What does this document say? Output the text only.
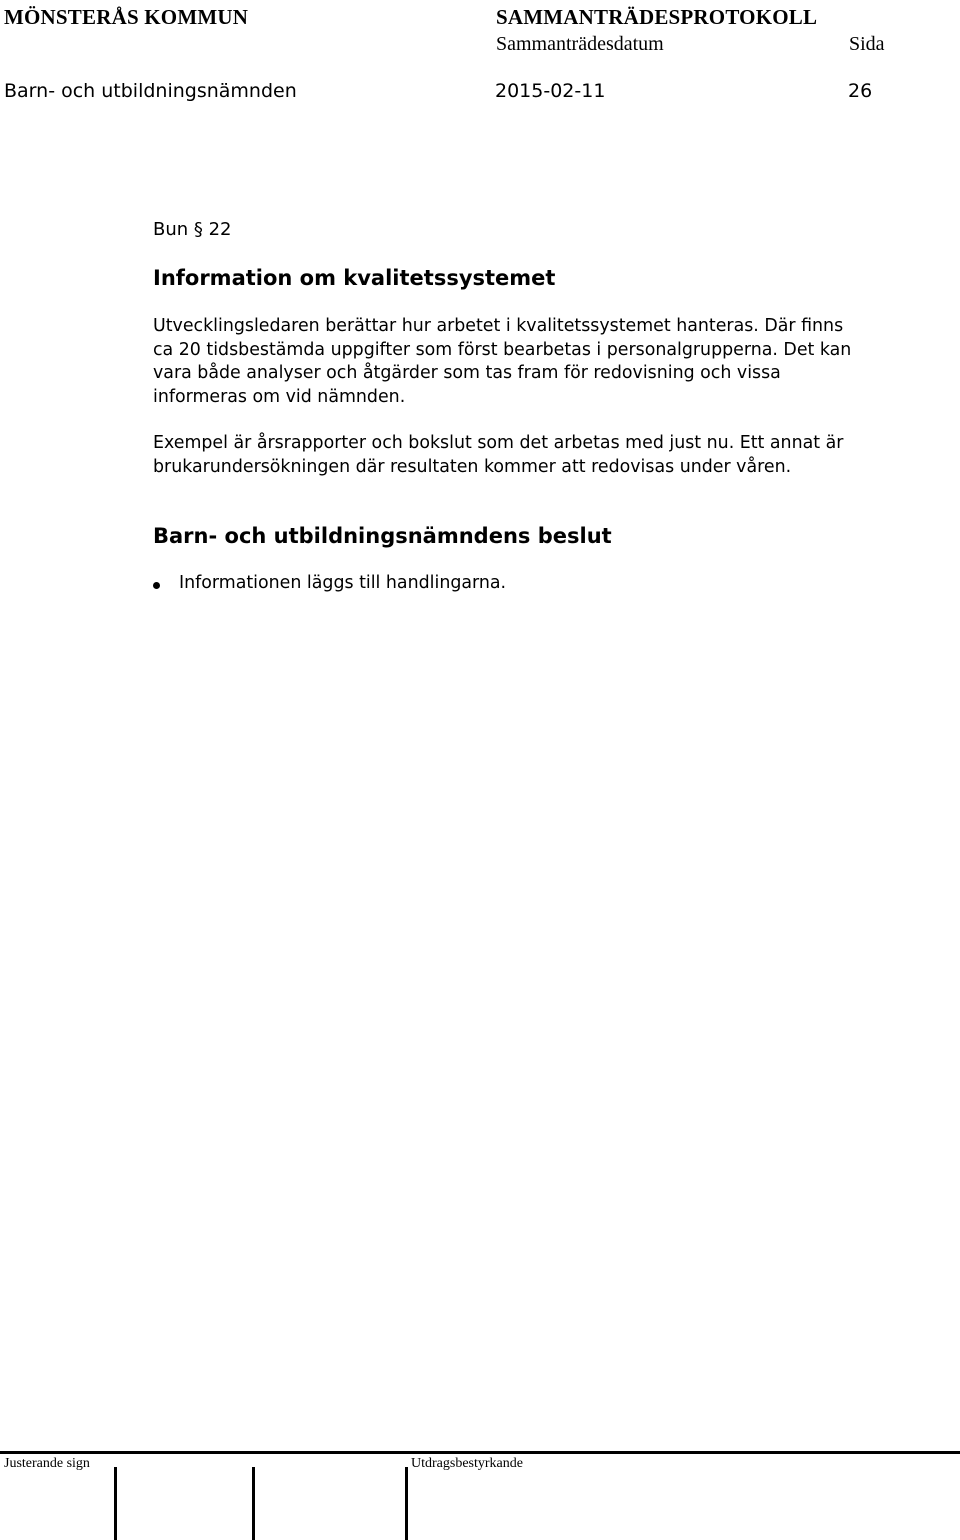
MÖNSTERÅS KOMMUN	SAMMANTRÄDESPROTOKOLL
Sammanträdesdatum	Sida
Barn- och utbildningsnämnden	2015-02-11	26
Bun § 22
Information om kvalitetssystemet

Utvecklingsledaren berättar hur arbetet i kvalitetssystemet hanteras. Där finns
ca 20 tidsbestämda uppgifter som först bearbetas i personalgrupperna. Det kan
vara både analyser och åtgärder som tas fram för redovisning och vissa
informeras om vid nämnden.

Exempel är årsrapporter och bokslut som det arbetas med just nu. Ett annat är
brukarundersökningen där resultaten kommer att redovisas under våren.

Barn- och utbildningsnämndens beslut
Informationen läggs till handlingarna.
Justerande sign	Utdragsbestyrkande
